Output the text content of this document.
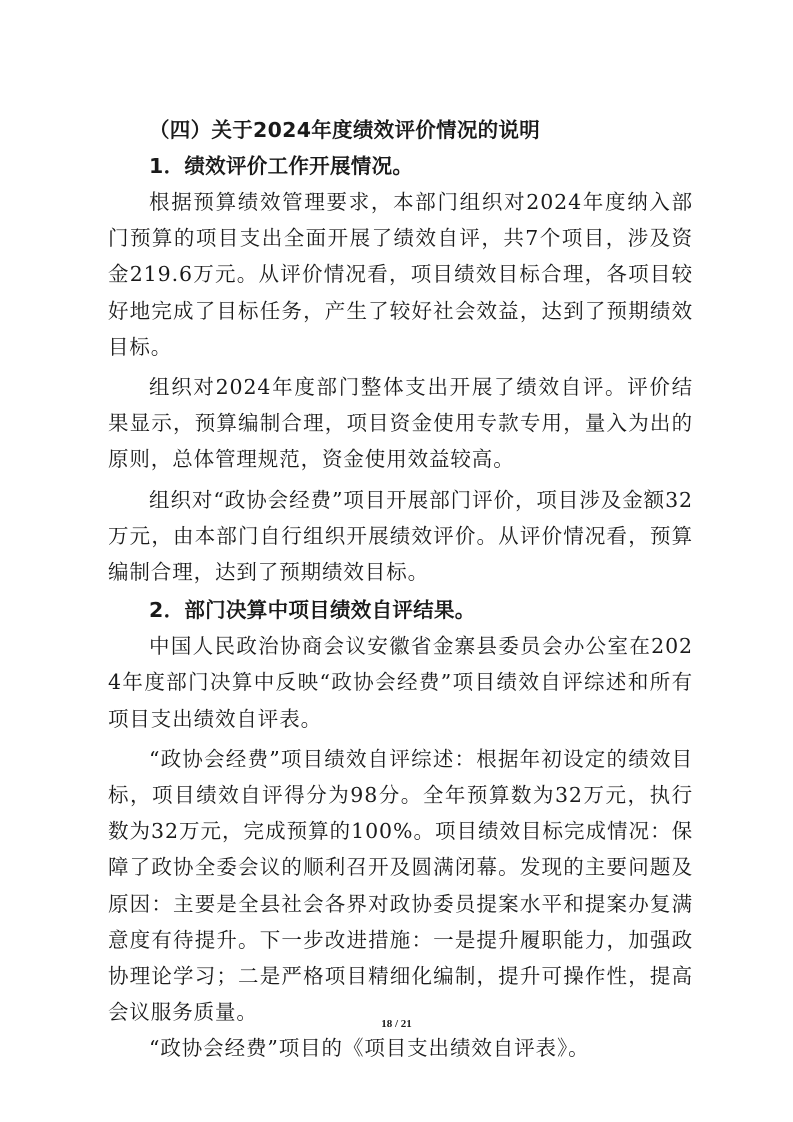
（四）关于2024年度绩效评价情况的说明

1．绩效评价工作开展情况。

根据预算绩效管理要求，本部门组织对2024年度纳入部门预算的项目支出全面开展了绩效自评，共7个项目，涉及资金219.6万元。从评价情况看，项目绩效目标合理，各项目较好地完成了目标任务，产生了较好社会效益，达到了预期绩效目标。

组织对2024年度部门整体支出开展了绩效自评。评价结果显示，预算编制合理，项目资金使用专款专用，量入为出的原则，总体管理规范，资金使用效益较高。

组织对“政协会经费”项目开展部门评价，项目涉及金额32万元，由本部门自行组织开展绩效评价。从评价情况看，预算编制合理，达到了预期绩效目标。

2．部门决算中项目绩效自评结果。

中国人民政治协商会议安徽省金寨县委员会办公室在2024年度部门决算中反映“政协会经费”项目绩效自评综述和所有项目支出绩效自评表。

“政协会经费”项目绩效自评综述：根据年初设定的绩效目标，项目绩效自评得分为98分。全年预算数为32万元，执行数为32万元，完成预算的100%。项目绩效目标完成情况：保障了政协全委会议的顺利召开及圆满闭幕。发现的主要问题及原因：主要是全县社会各界对政协委员提案水平和提案办复满意度有待提升。下一步改进措施：一是提升履职能力，加强政协理论学习；二是严格项目精细化编制，提升可操作性，提高会议服务质量。

“政协会经费”项目的《项目支出绩效自评表》。

18 / 21
